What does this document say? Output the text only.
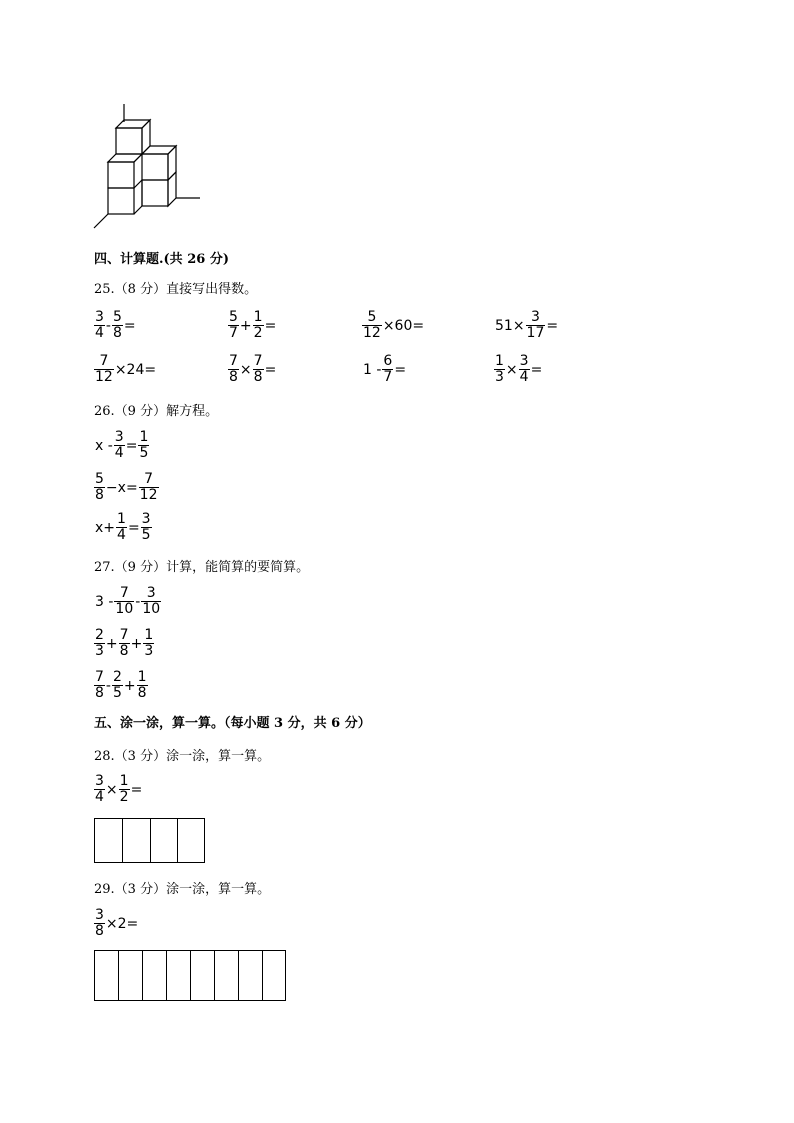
四、计算题.(共 26 分)
25.（8 分）直接写出得数。
$\frac{3}{4} - \frac{5}{8}$ =	$\frac{5}{7} + \frac{1}{2}$ =	$\frac{5}{12} \times 60=$	$51\times \frac{3}{17}$ =
$\frac{7}{12} \times 24=$	$\frac{7}{8} \times \frac{7}{8}$ =	$1 - \frac{6}{7}$ =	$\frac{1}{3} \times \frac{3}{4}$ =
26.（9 分）解方程。
$x - \frac{3}{4} = \frac{1}{5}$
$\frac{5}{8} -x= \frac{7}{12}$
$x+ \frac{1}{4} = \frac{3}{5}$
27.（9 分）计算，能简算的要简算。
$3 - \frac{7}{10} - \frac{3}{10}$
$\frac{2}{3} + \frac{7}{8} + \frac{1}{3}$
$\frac{7}{8} - \frac{2}{5} + \frac{1}{8}$
五、涂一涂，算一算。（每小题 3 分，共 6 分）
28.（3 分）涂一涂，算一算。
$\frac{3}{4} \times \frac{1}{2}$ =
29.（3 分）涂一涂，算一算。
$\frac{3}{8} \times 2=$
